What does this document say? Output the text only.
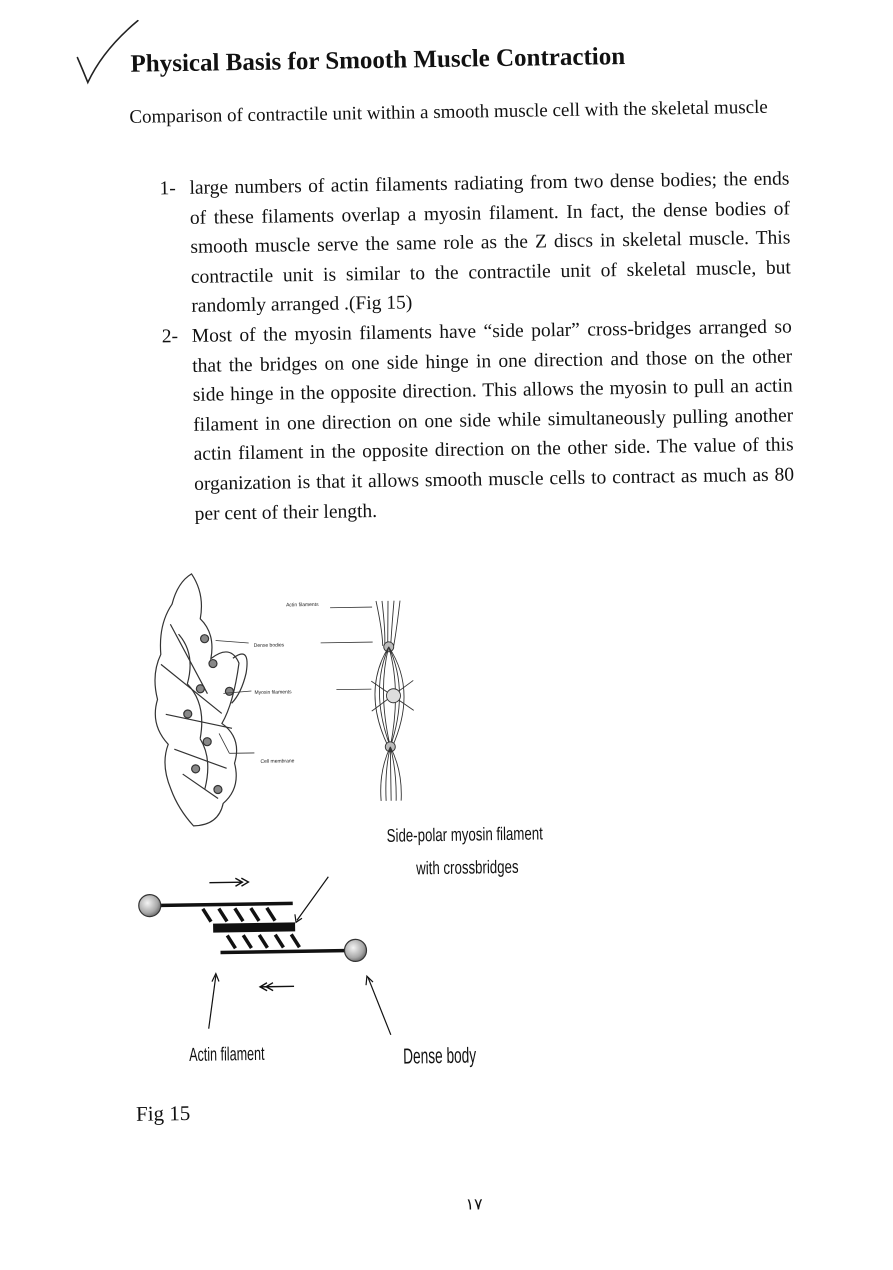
Physical Basis for Smooth Muscle Contraction

Comparison of contractile unit within a smooth muscle cell with the skeletal muscle

1- large numbers of actin filaments radiating from two dense bodies; the ends of these filaments overlap a myosin filament. In fact, the dense bodies of smooth muscle serve the same role as the Z discs in skeletal muscle. This contractile unit is similar to the contractile unit of skeletal muscle, but randomly arranged .(Fig 15)
2- Most of the myosin filaments have “side polar” cross-bridges arranged so that the bridges on one side hinge in one direction and those on the other side hinge in the opposite direction. This allows the myosin to pull an actin filament in one direction on one side while simultaneously pulling another actin filament in the opposite direction on the other side. The value of this organization is that it allows smooth muscle cells to contract as much as 80 per cent of their length.
Actin filaments
Dense bodies
Myosin filaments
Cell membrane
Side-polar myosin filament
with crossbridges
Actin filament	Dense body

Fig 15

١٧
